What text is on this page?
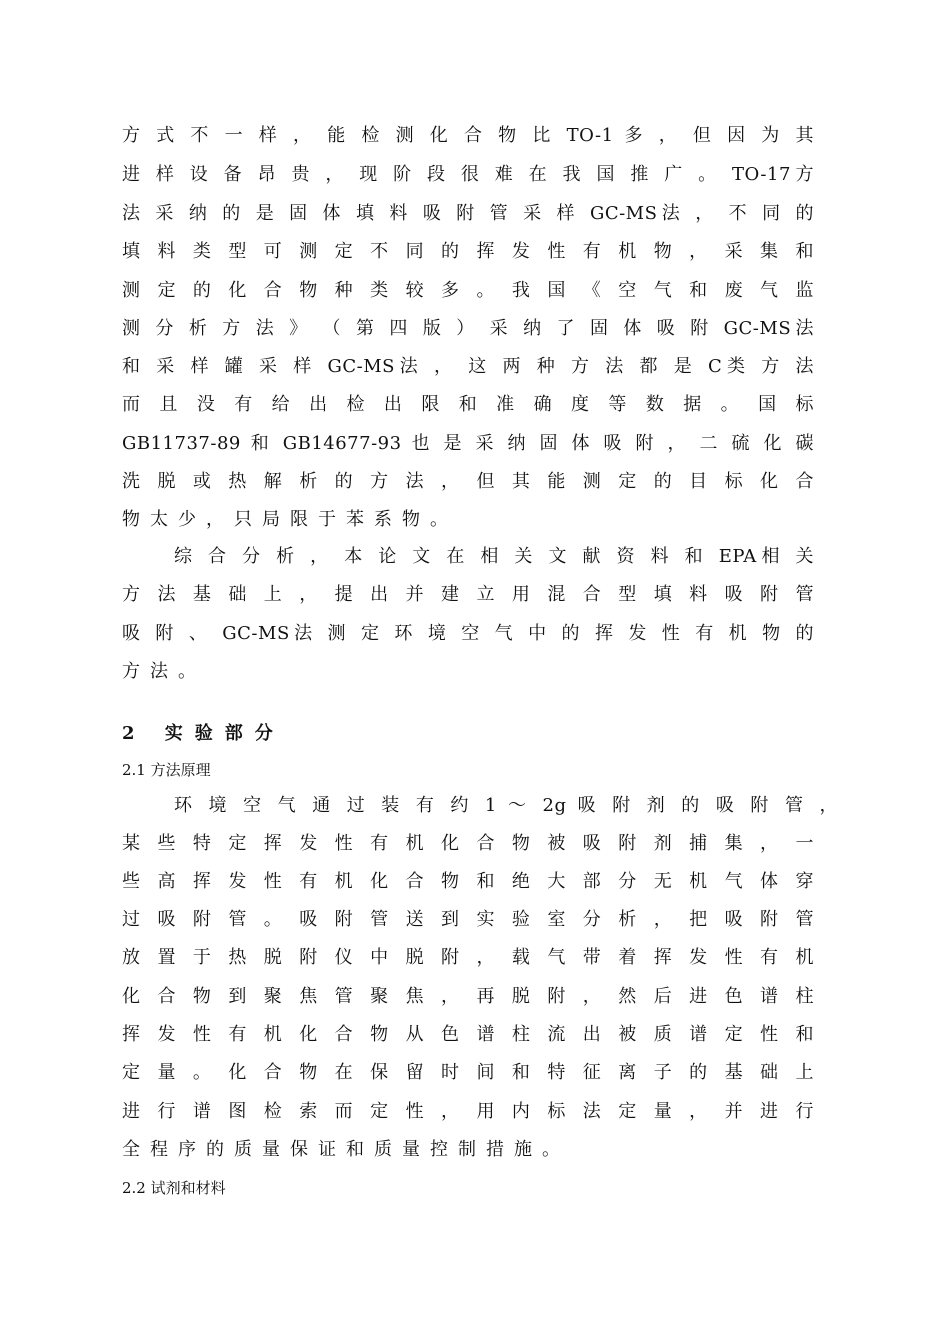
方 式 不 一 样 ， 能 检 测 化 合 物 比 TO-1 多 ， 但 因 为 其
进 样 设 备 昂 贵 ， 现 阶 段 很 难 在 我 国 推 广 。 TO-17方
法 采 纳 的 是 固 体 填 料 吸 附 管 采 样 GC-MS法 ， 不 同 的
填 料 类 型 可 测 定 不 同 的 挥 发 性 有 机 物 ， 采 集 和
测 定 的 化 合 物 种 类 较 多 。 我 国 《 空 气 和 废 气 监
测 分 析 方 法 》 （ 第 四 版 ） 采 纳 了 固 体 吸 附 GC-MS法
和 采 样 罐 采 样 GC-MS法 ， 这 两 种 方 法 都 是 C类 方 法
而 且 没 有 给 出 检 出 限 和 准 确 度 等 数 据 。 国 标
GB11737-89 和 GB14677-93 也 是 采 纳 固 体 吸 附 ， 二 硫 化 碳
洗 脱 或 热 解 析 的 方 法 ， 但 其 能 测 定 的 目 标 化 合
物太少，只局限于苯系物。
综 合 分 析 ， 本 论 文 在 相 关 文 献 资 料 和 EPA相 关
方 法 基 础 上 ， 提 出 并 建 立 用 混 合 型 填 料 吸 附 管
吸 附 、 GC-MS法 测 定 环 境 空 气 中 的 挥 发 性 有 机 物 的
方法。
2 实验部分
2.1 方法原理
环 境 空 气 通 过 装 有 约 1 ～ 2g 吸 附 剂 的 吸 附 管 ，
某 些 特 定 挥 发 性 有 机 化 合 物 被 吸 附 剂 捕 集 ， 一
些 高 挥 发 性 有 机 化 合 物 和 绝 大 部 分 无 机 气 体 穿
过 吸 附 管 。 吸 附 管 送 到 实 验 室 分 析 ， 把 吸 附 管
放 置 于 热 脱 附 仪 中 脱 附 ， 载 气 带 着 挥 发 性 有 机
化 合 物 到 聚 焦 管 聚 焦 ， 再 脱 附 ， 然 后 进 色 谱 柱
挥 发 性 有 机 化 合 物 从 色 谱 柱 流 出 被 质 谱 定 性 和
定 量 。 化 合 物 在 保 留 时 间 和 特 征 离 子 的 基 础 上
进 行 谱 图 检 索 而 定 性 ， 用 内 标 法 定 量 ， 并 进 行
全程序的质量保证和质量控制措施。
2.2 试剂和材料
